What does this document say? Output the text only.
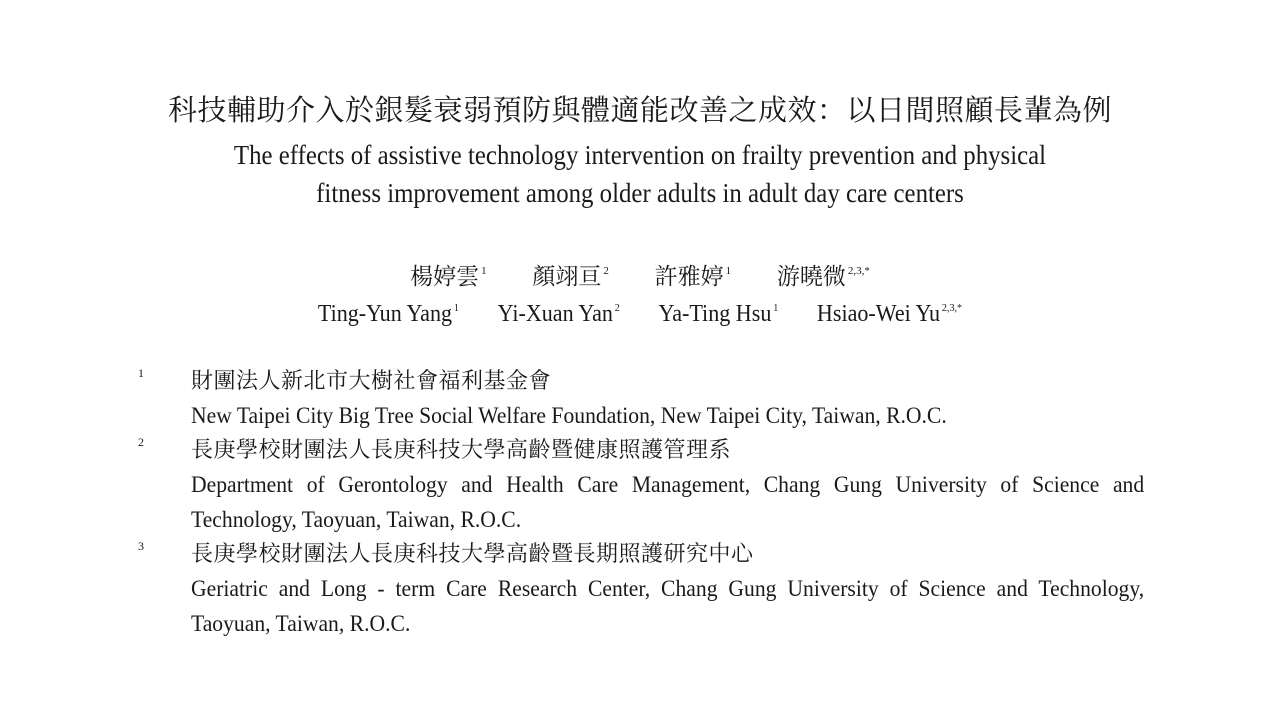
科技輔助介入於銀髮衰弱預防與體適能改善之成效：以日間照顧長輩為例
The effects of assistive technology intervention on frailty prevention and physical
fitness improvement among older adults in adult day care centers
楊婷雲 $^1$ 顏翊亘 $^2$ 許雅婷 $^1$ 游曉微 $^{2,3,*}$
Ting-Yun Yang $^1$ Yi-Xuan Yan $^2$ Ya-Ting Hsu $^1$ Hsiao-Wei Yu $^{2,3,*}$
1 財團法人新北市大樹社會福利基金會
New Taipei City Big Tree Social Welfare Foundation, New Taipei City, Taiwan, R.O.C.
2 長庚學校財團法人長庚科技大學高齡暨健康照護管理系
Department of Gerontology and Health Care Management, Chang Gung University of Science and Technology, Taoyuan, Taiwan, R.O.C.
3 長庚學校財團法人長庚科技大學高齡暨長期照護研究中心
Geriatric and Long - term Care Research Center, Chang Gung University of Science and Technology, Taoyuan, Taiwan, R.O.C.
